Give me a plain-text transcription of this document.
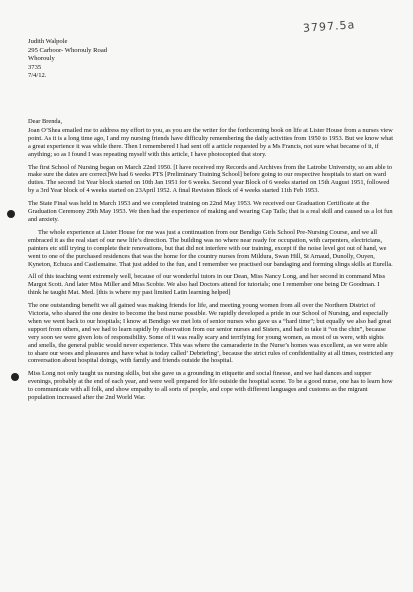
3797.5a
Judith Walpole
295 Carboor- Whorouly Road
Whorouly
3735
7/4/12.

Dear Brenda,

Joan O’Shea emailed me to address my effort to you, as you are the writer for the forthcoming book on life at Lister House from a nurses view point. As it is a long time ago, I and my nursing friends have difficulty remembering the daily activities from 1950 to 1953. But we know what a great experience it was while there. Then I remembered I had sent off a article requested by a Ms Francis, not sure what became of it, if anything; so as I found I was repeating myself with this article, I have photocopied that story.

The first School of Nursing began on March 22nd 1950. [I have received my Records and Archives from the Latrobe University, so am able to make sure the dates are correct]We had 6 weeks PTS [Preliminary Training School] before going to our respective hospitals to start on ward duties. The second 1st Year block started on 10th Jan 1951 for 6 weeks. Second year Block of 6 weeks started on 15th August 1951, followed by a 3rd Year block of 4 weeks started on 23April 1952. A final Revision Block of 4 weeks started 11th Feb 1953.

The State Final was held in March 1953 and we completed training on 22nd May 1953. We received our Graduation Certificate at the Graduation Ceremony 29th May 1953. We then had the experience of making and wearing Cap Tails; that is a real skill and caused us a lot fun and anxiety.

The whole experience at Lister House for me was just a continuation from our Bendigo Girls School Pre-Nursing Course, and we all embraced it as the real start of our new life’s direction. The building was no where near ready for occupation, with carpenters, electricians, painters etc still trying to complete their renovations, but that did not interfere with our training, except if the noise level got out of hand, we went to one of the purchased residences that was the home for the country nurses from Mildura, Swan Hill, St Arnaud, Dunolly, Ouyen, Kyneton, Echuca and Castlemaine. That just added to the fun, and I remember we practised our bandaging and forming slings skills at Eurella.

All of this teaching went extremely well, because of our wonderful tutors in our Dean, Miss Nancy Long, and her second in command Miss Margot Scott. And later Miss Miller and Miss Scobie. We also had Doctors attend for tutorials; one I remember one being Dr Goodman. I think he taught Mat. Med. [this is where my past limited Latin learning helped]

The one outstanding benefit we all gained was making friends for life, and meeting young women from all over the Northern District of Victoria, who shared the one desire to become the best nurse possible. We rapidly developed a pride in our School of Nursing, and especially when we went back to our hospitals; I know at Bendigo we met lots of senior nurses who gave us a “hard time”; but equally we also had great support from others, and we had to learn rapidly by observation from our senior nurses and Sisters, and had to take it “on the chin”, because very soon we were given lots of responsibility. Some of it was really scary and terrifying for young women, as most of us were, with sights and smells, the general public would never experience. This was where the camaraderie in the Nurse’s homes was excellent, as we were able to share our woes and pleasures and have what is today called’ Debriefing’, because the strict rules of confidentiality at all times, restricted any conversation about hospital doings, with family and friends outside the hospital.

Miss Long not only taught us nursing skills, but she gave us a grounding in etiquette and social finesse, and we had dances and supper evenings, probably at the end of each year, and were well prepared for life outside the hospital scene. To be a good nurse, one has to learn how to communicate with all folk, and show empathy to all sorts of people, and cope with different languages and customs as the migrant population increased after the 2nd World War.
